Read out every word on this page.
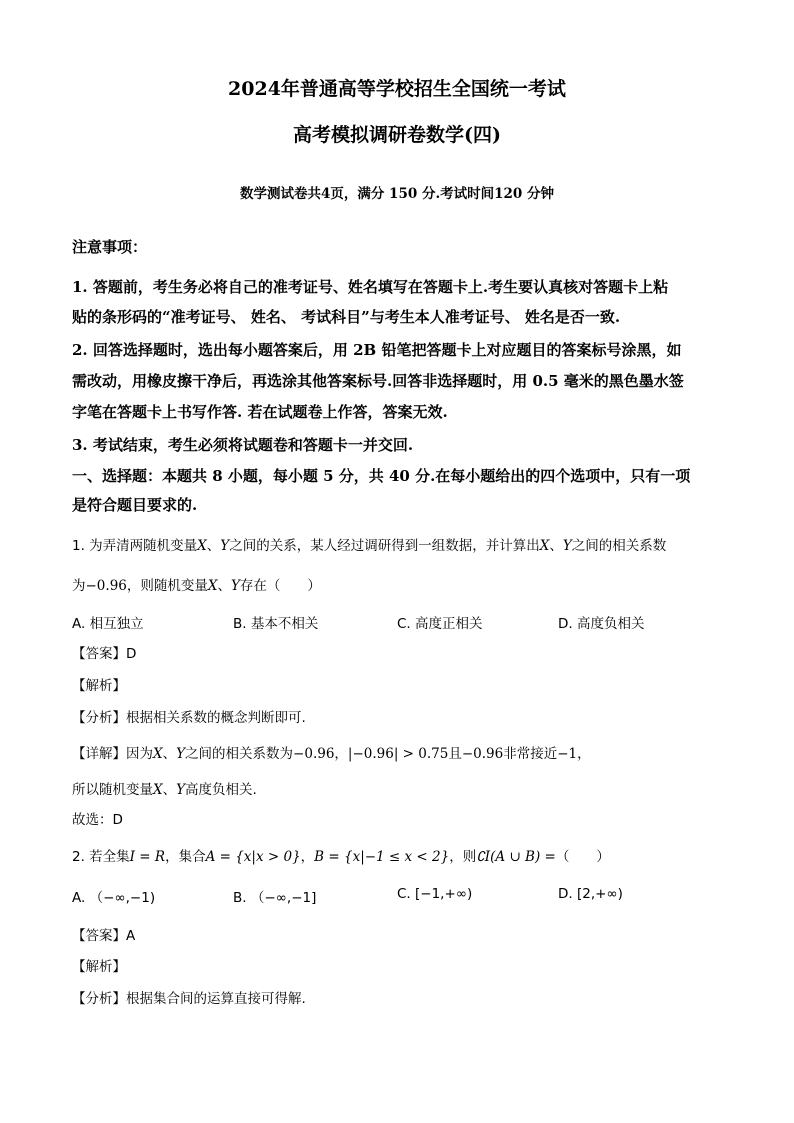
2024年普通高等学校招生全国统一考试
高考模拟调研卷数学(四)
数学测试卷共4页，满分 150 分.考试时间120 分钟
注意事项：
1. 答题前，考生务必将自己的准考证号、姓名填写在答题卡上.考生要认真核对答题卡上粘
贴的条形码的“准考证号、 姓名、 考试科目”与考生本人准考证号、 姓名是否一致.
2. 回答选择题时，选出每小题答案后，用 2B 铅笔把答题卡上对应题目的答案标号涂黑，如
需改动，用橡皮擦干净后，再选涂其他答案标号.回答非选择题时，用 0.5 毫米的黑色墨水签
字笔在答题卡上书写作答. 若在试题卷上作答，答案无效.
3. 考试结束，考生必须将试题卷和答题卡一并交回.
一、选择题：本题共 8 小题，每小题 5 分，共 40 分.在每小题给出的四个选项中，只有一项
是符合题目要求的.
1. 为弄清两随机变量X、Y之间的关系，某人经过调研得到一组数据，并计算出X、Y之间的相关系数
为−0.96，则随机变量X、Y存在（　　）
A. 相互独立	B. 基本不相关	C. 高度正相关	D. 高度负相关
【答案】D
【解析】
【分析】根据相关系数的概念判断即可.
【详解】因为X、Y之间的相关系数为−0.96，|−0.96| > 0.75且−0.96非常接近−1，
所以随机变量X、Y高度负相关.
故选：D
2. 若全集I = R，集合A = {x|x > 0}，B = {x|−1 ≤ x < 2}，则∁I(A ∪ B) =（　　）
A. （−∞,−1)	B. （−∞,−1]	C. [−1,+∞)	D. [2,+∞)
【答案】A
【解析】
【分析】根据集合间的运算直接可得解.
